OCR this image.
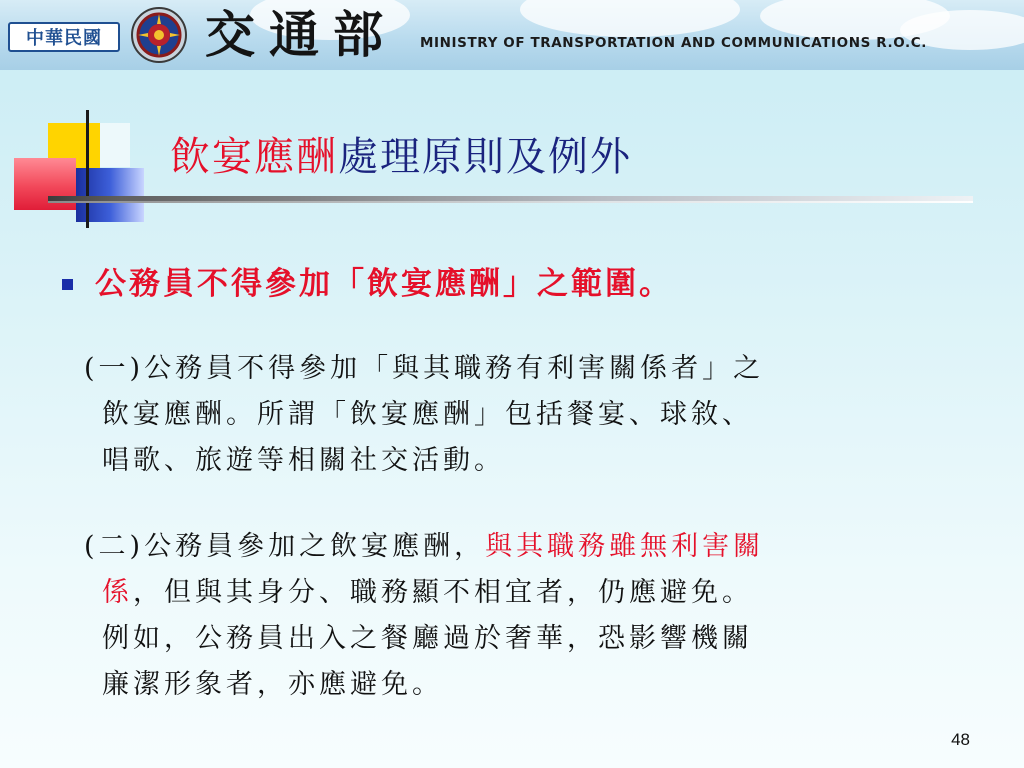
中華民國 交通部 MINISTRY OF TRANSPORTATION AND COMMUNICATIONS R.O.C.
飲宴應酬處理原則及例外
公務員不得參加「飲宴應酬」之範圍。
(一)公務員不得參加「與其職務有利害關係者」之
飲宴應酬。所謂「飲宴應酬」包括餐宴、球敘、
唱歌、旅遊等相關社交活動。
(二)公務員參加之飲宴應酬，與其職務雖無利害關
係，但與其身分、職務顯不相宜者，仍應避免。
例如，公務員出入之餐廳過於奢華，恐影響機關
廉潔形象者，亦應避免。
48
